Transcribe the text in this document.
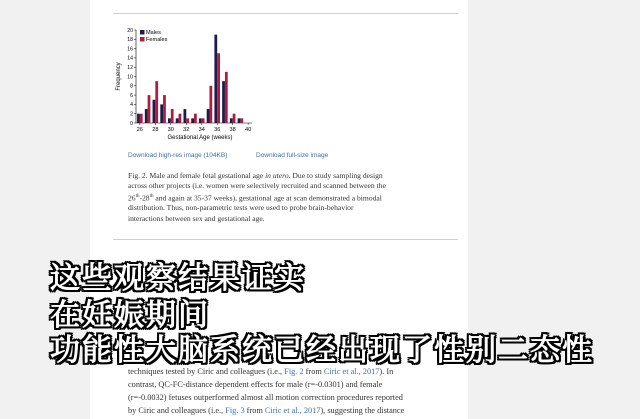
0
2
4
6
8
10
12
14
16
18
20
26 28 30 32 34 36 38 40
Gestational Age (weeks)
Frequency
Males
Females
Download high-res image (104KB)	Download full-size image
Fig. 2. Male and female fetal gestational age in utero. Due to study sampling design
across other projects (i.e. women were selectively recruited and scanned between the
26th-28th and again at 35-37 weeks), gestational age at scan demonstrated a bimodal
distribution. Thus, non-parametric tests were used to probe brain-behavior
interactions between sex and gestational age.
这些观察结果证实
在妊娠期间
功能性大脑系统已经出现了性别二态性
techniques tested by Ciric and colleagues (i.e., Fig. 2 from Ciric et al., 2017). In
contrast, QC-FC-distance dependent effects for male (r=-0.0301) and female
(r=-0.0032) fetuses outperformed almost all motion correction procedures reported
by Ciric and colleagues (i.e., Fig. 3 from Ciric et al., 2017), suggesting the distance
